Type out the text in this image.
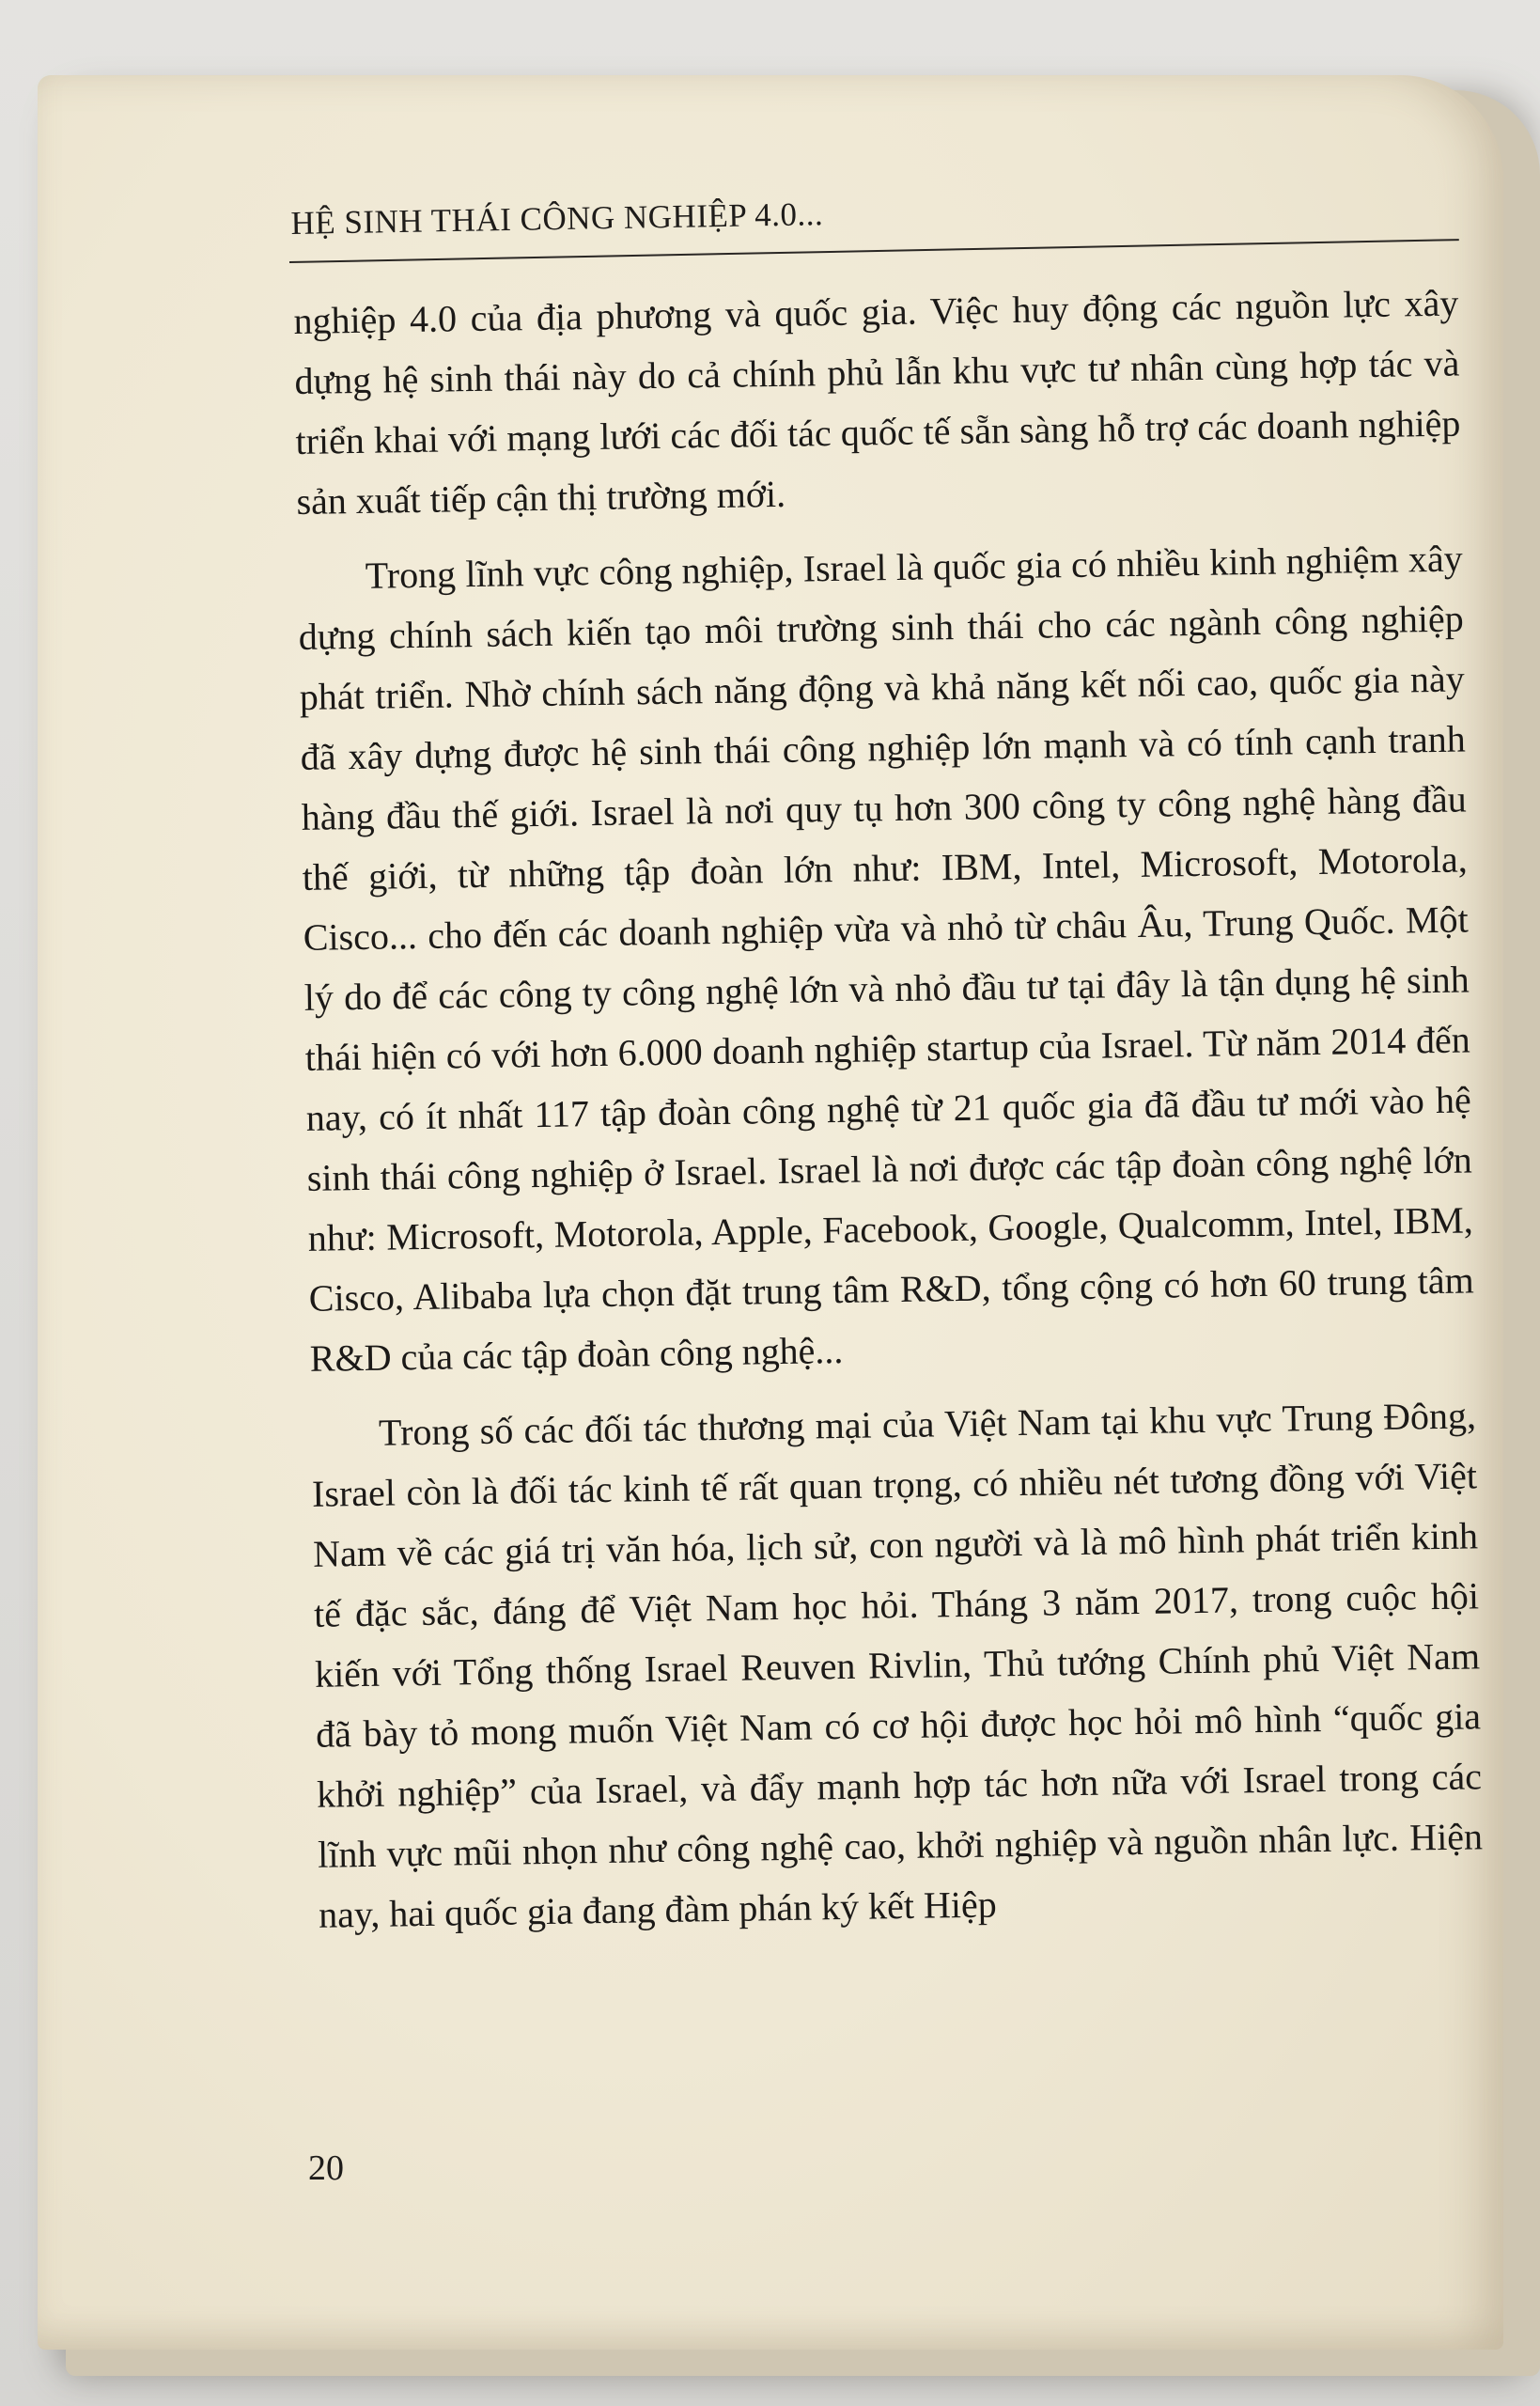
HỆ SINH THÁI CÔNG NGHIỆP 4.0...

nghiệp 4.0 của địa phương và quốc gia. Việc huy động các nguồn lực xây dựng hệ sinh thái này do cả chính phủ lẫn khu vực tư nhân cùng hợp tác và triển khai với mạng lưới các đối tác quốc tế sẵn sàng hỗ trợ các doanh nghiệp sản xuất tiếp cận thị trường mới.

Trong lĩnh vực công nghiệp, Israel là quốc gia có nhiều kinh nghiệm xây dựng chính sách kiến tạo môi trường sinh thái cho các ngành công nghiệp phát triển. Nhờ chính sách năng động và khả năng kết nối cao, quốc gia này đã xây dựng được hệ sinh thái công nghiệp lớn mạnh và có tính cạnh tranh hàng đầu thế giới. Israel là nơi quy tụ hơn 300 công ty công nghệ hàng đầu thế giới, từ những tập đoàn lớn như: IBM, Intel, Microsoft, Motorola, Cisco... cho đến các doanh nghiệp vừa và nhỏ từ châu Âu, Trung Quốc. Một lý do để các công ty công nghệ lớn và nhỏ đầu tư tại đây là tận dụng hệ sinh thái hiện có với hơn 6.000 doanh nghiệp startup của Israel. Từ năm 2014 đến nay, có ít nhất 117 tập đoàn công nghệ từ 21 quốc gia đã đầu tư mới vào hệ sinh thái công nghiệp ở Israel. Israel là nơi được các tập đoàn công nghệ lớn như: Microsoft, Motorola, Apple, Facebook, Google, Qualcomm, Intel, IBM, Cisco, Alibaba lựa chọn đặt trung tâm R&D, tổng cộng có hơn 60 trung tâm R&D của các tập đoàn công nghệ...

Trong số các đối tác thương mại của Việt Nam tại khu vực Trung Đông, Israel còn là đối tác kinh tế rất quan trọng, có nhiều nét tương đồng với Việt Nam về các giá trị văn hóa, lịch sử, con người và là mô hình phát triển kinh tế đặc sắc, đáng để Việt Nam học hỏi. Tháng 3 năm 2017, trong cuộc hội kiến với Tổng thống Israel Reuven Rivlin, Thủ tướng Chính phủ Việt Nam đã bày tỏ mong muốn Việt Nam có cơ hội được học hỏi mô hình “quốc gia khởi nghiệp” của Israel, và đẩy mạnh hợp tác hơn nữa với Israel trong các lĩnh vực mũi nhọn như công nghệ cao, khởi nghiệp và nguồn nhân lực. Hiện nay, hai quốc gia đang đàm phán ký kết Hiệp

20
